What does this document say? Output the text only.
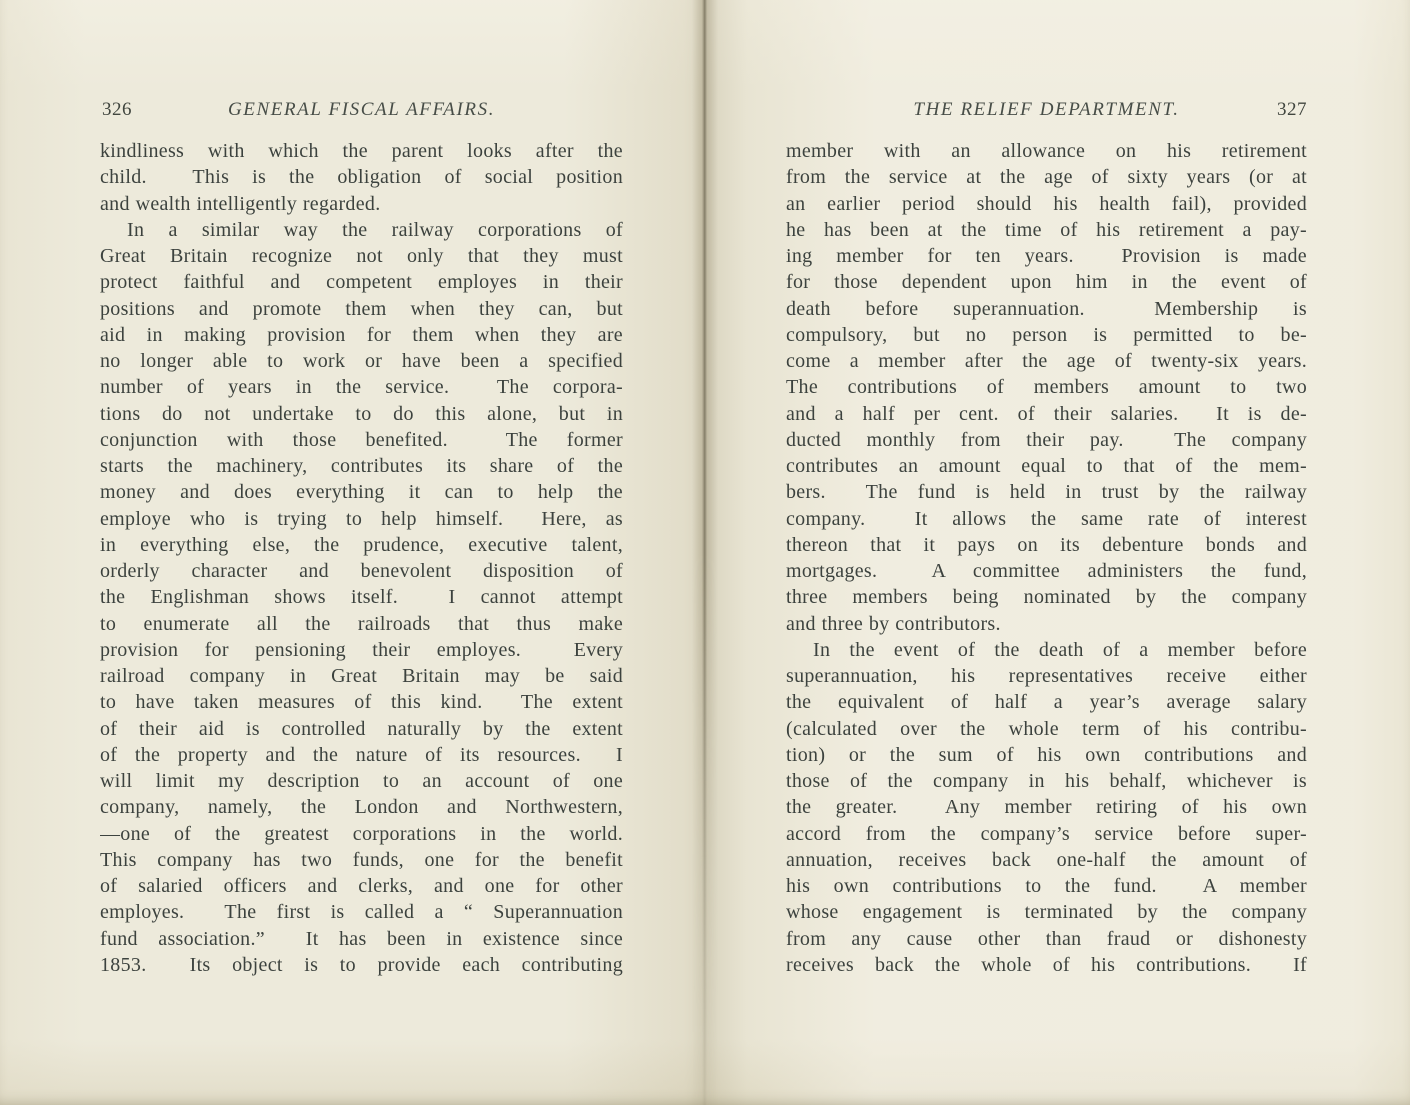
326	GENERAL FISCAL AFFAIRS.
kindliness with which the parent looks after the
child.  This is the obligation of social position
and wealth intelligently regarded.
In a similar way the railway corporations of
Great Britain recognize not only that they must
protect faithful and competent employes in their
positions and promote them when they can, but
aid in making provision for them when they are
no longer able to work or have been a specified
number of years in the service.  The corpora-
tions do not undertake to do this alone, but in
conjunction with those benefited.  The former
starts the machinery, contributes its share of the
money and does everything it can to help the
employe who is trying to help himself.  Here, as
in everything else, the prudence, executive talent,
orderly character and benevolent disposition of
the Englishman shows itself.  I cannot attempt
to enumerate all the railroads that thus make
provision for pensioning their employes.  Every
railroad company in Great Britain may be said
to have taken measures of this kind.  The extent
of their aid is controlled naturally by the extent
of the property and the nature of its resources.  I
will limit my description to an account of one
company, namely, the London and Northwestern,
—one of the greatest corporations in the world.
This company has two funds, one for the benefit
of salaried officers and clerks, and one for other
employes.  The first is called a “ Superannuation
fund association.”  It has been in existence since
1853.  Its object is to provide each contributing
THE RELIEF DEPARTMENT.	327
member with an allowance on his retirement
from the service at the age of sixty years (or at
an earlier period should his health fail), provided
he has been at the time of his retirement a pay-
ing member for ten years.  Provision is made
for those dependent upon him in the event of
death before superannuation.  Membership is
compulsory, but no person is permitted to be-
come a member after the age of twenty-six years.
The contributions of members amount to two
and a half per cent. of their salaries.  It is de-
ducted monthly from their pay.  The company
contributes an amount equal to that of the mem-
bers.  The fund is held in trust by the railway
company.  It allows the same rate of interest
thereon that it pays on its debenture bonds and
mortgages.  A committee administers the fund,
three members being nominated by the company
and three by contributors.
In the event of the death of a member before
superannuation, his representatives receive either
the equivalent of half a year’s average salary
(calculated over the whole term of his contribu-
tion) or the sum of his own contributions and
those of the company in his behalf, whichever is
the greater.  Any member retiring of his own
accord from the company’s service before super-
annuation, receives back one-half the amount of
his own contributions to the fund.  A member
whose engagement is terminated by the company
from any cause other than fraud or dishonesty
receives back the whole of his contributions.  If
